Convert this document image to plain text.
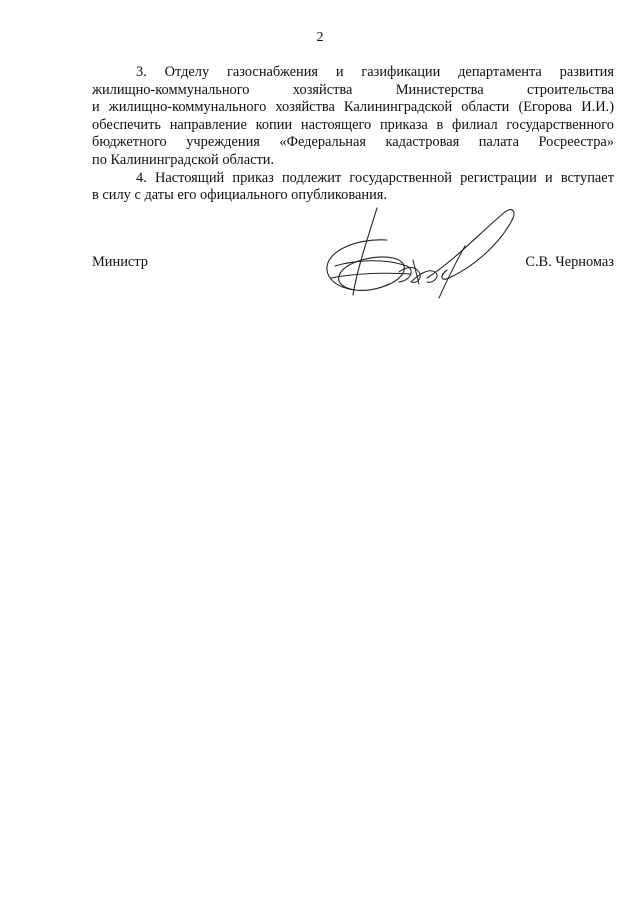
2

3. Отделу газоснабжения и газификации департамента развития
жилищно-коммунального хозяйства Министерства строительства
и жилищно-коммунального хозяйства Калининградской области (Егорова И.И.)
обеспечить направление копии настоящего приказа в филиал государственного
бюджетного учреждения «Федеральная кадастровая палата Росреестра»
по Калининградской области.

4. Настоящий приказ подлежит государственной регистрации и вступает
в силу с даты его официального опубликования.

Министр	С.В. Черномаз
